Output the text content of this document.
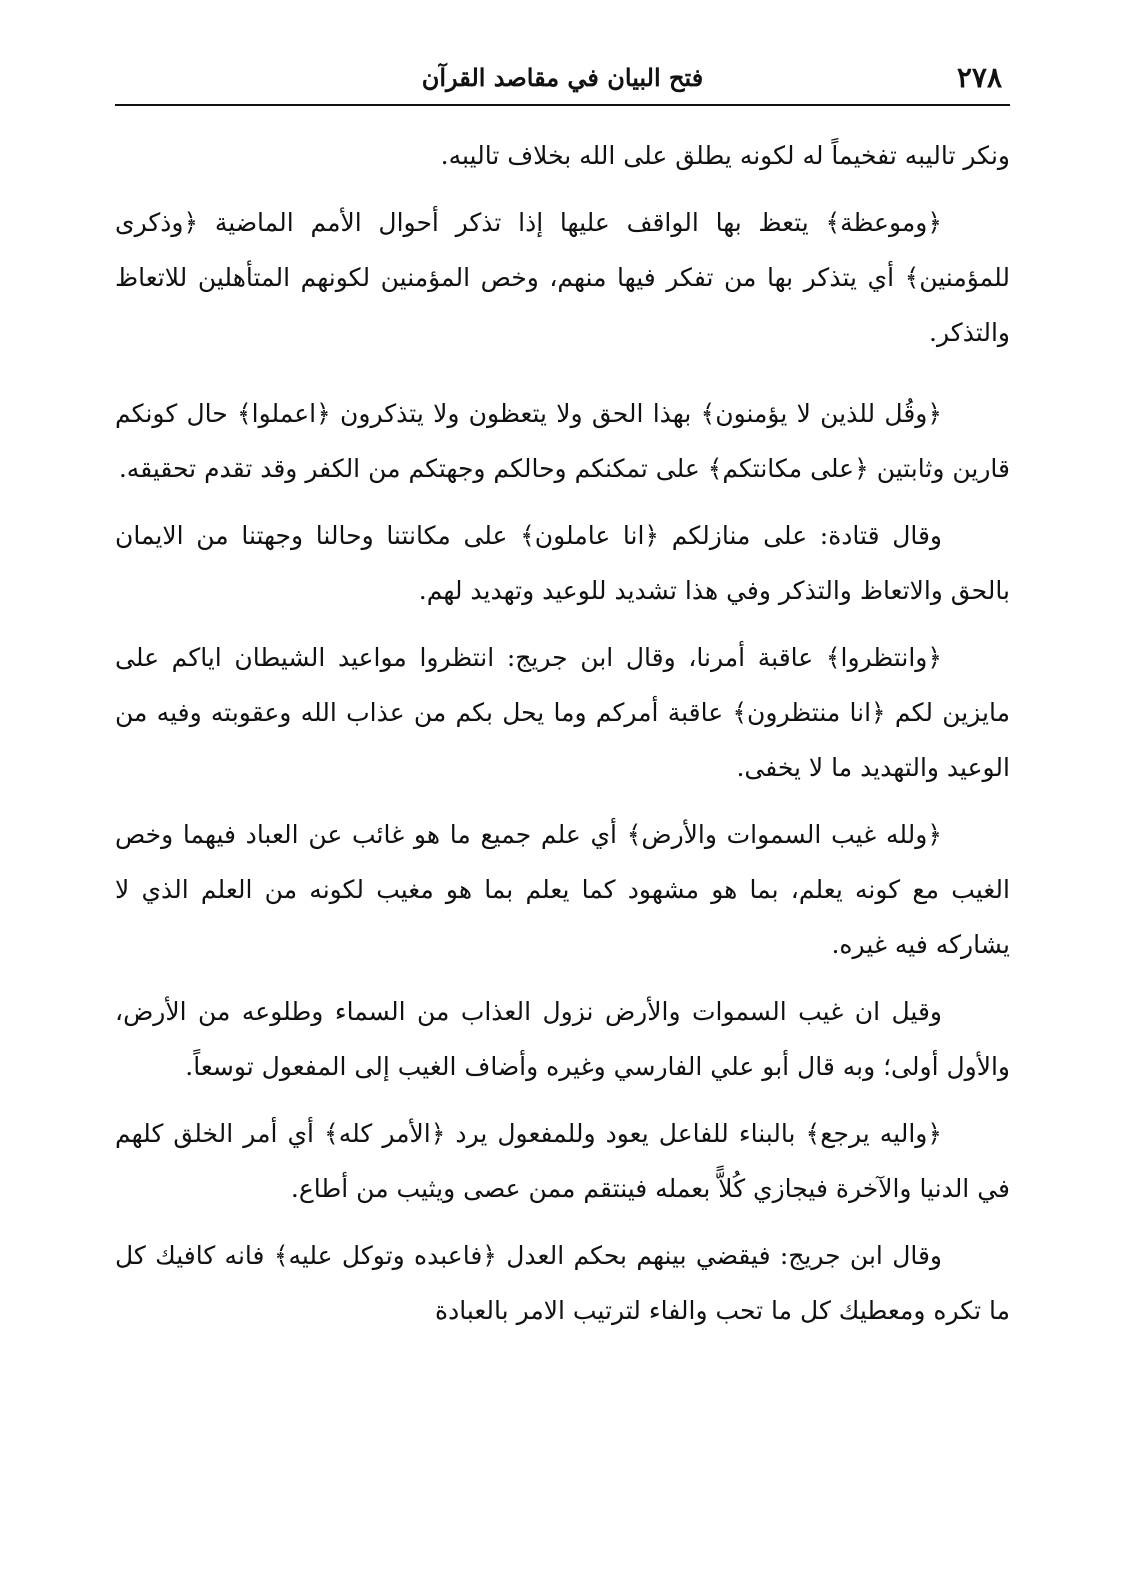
٢٧٨
فتح البيان في مقاصد القرآن

ونكر تاليبه تفخيماً له لكونه يطلق على الله بخلاف تاليبه.

﴿وموعظة﴾ يتعظ بها الواقف عليها إذا تذكر أحوال الأمم الماضية ﴿وذكرى للمؤمنين﴾ أي يتذكر بها من تفكر فيها منهم، وخص المؤمنين لكونهم المتأهلين للاتعاظ والتذكر.

﴿وقُل للذين لا يؤمنون﴾ بهذا الحق ولا يتعظون ولا يتذكرون ﴿اعملوا﴾ حال كونكم قارين وثابتين ﴿على مكانتكم﴾ على تمكنكم وحالكم وجهتكم من الكفر وقد تقدم تحقيقه.

وقال قتادة: على منازلكم ﴿انا عاملون﴾ على مكانتنا وحالنا وجهتنا من الايمان بالحق والاتعاظ والتذكر وفي هذا تشديد للوعيد وتهديد لهم.

﴿وانتظروا﴾ عاقبة أمرنا، وقال ابن جريج: انتظروا مواعيد الشيطان اياكم على مايزين لكم ﴿انا منتظرون﴾ عاقبة أمركم وما يحل بكم من عذاب الله وعقوبته وفيه من الوعيد والتهديد ما لا يخفى.

﴿ولله غيب السموات والأرض﴾ أي علم جميع ما هو غائب عن العباد فيهما وخص الغيب مع كونه يعلم، بما هو مشهود كما يعلم بما هو مغيب لكونه من العلم الذي لا يشاركه فيه غيره.

وقيل ان غيب السموات والأرض نزول العذاب من السماء وطلوعه من الأرض، والأول أولى؛ وبه قال أبو علي الفارسي وغيره وأضاف الغيب إلى المفعول توسعاً.

﴿واليه يرجع﴾ بالبناء للفاعل يعود وللمفعول يرد ﴿الأمر كله﴾ أي أمر الخلق كلهم في الدنيا والآخرة فيجازي كُلاًّ بعمله فينتقم ممن عصى ويثيب من أطاع.

وقال ابن جريج: فيقضي بينهم بحكم العدل ﴿فاعبده وتوكل عليه﴾ فانه كافيك كل ما تكره ومعطيك كل ما تحب والفاء لترتيب الامر بالعبادة
